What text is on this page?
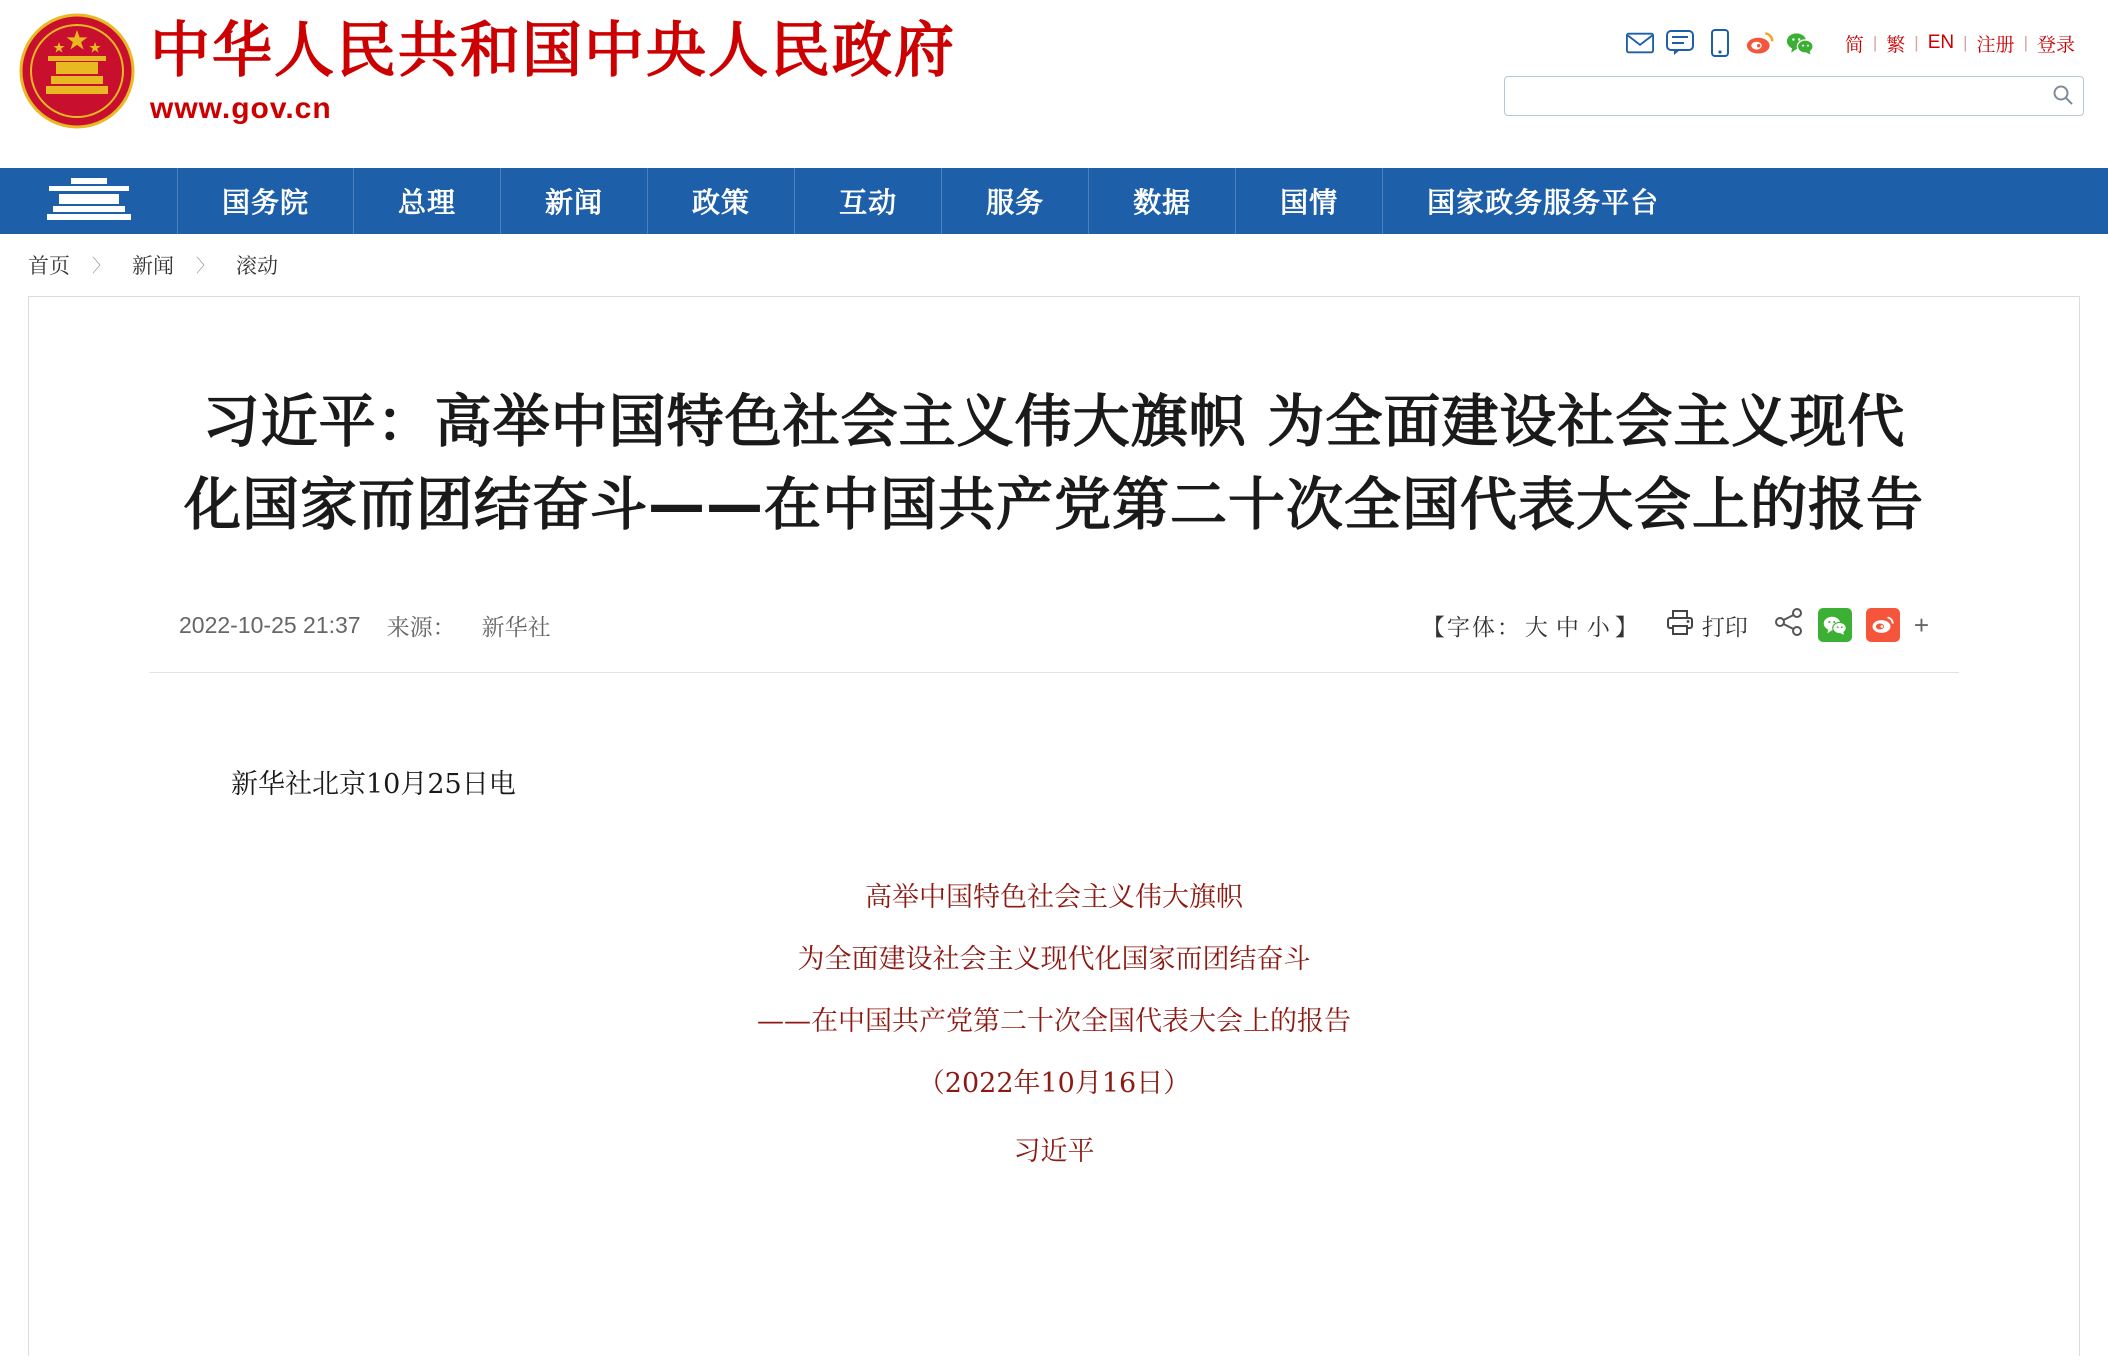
中华人民共和国中央人民政府
www.gov.cn
简 | 繁 | EN | 注册 | 登录
国务院	总理	新闻	政策	互动	服务	数据	国情	国家政务服务平台
首页 〉 新闻 〉 滚动
习近平：高举中国特色社会主义伟大旗帜 为全面建设社会主义现代化国家而团结奋斗——在中国共产党第二十次全国代表大会上的报告
2022-10-25 21:37 来源： 新华社	【字体： 大 中 小 】	打印	+
新华社北京10月25日电
高举中国特色社会主义伟大旗帜
为全面建设社会主义现代化国家而团结奋斗
——在中国共产党第二十次全国代表大会上的报告
（2022年10月16日）
习近平
